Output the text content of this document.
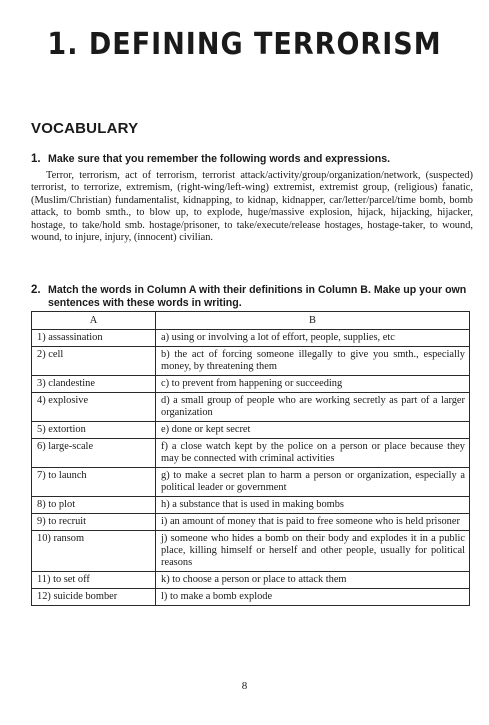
1. DEFINING TERRORISM
VOCABULARY
1. Make sure that you remember the following words and expressions.

Terror, terrorism, act of terrorism, terrorist attack/activity/group/organization/network, (suspected) terrorist, to terrorize, extremism, (right-wing/left-wing) extremist, extremist group, (religious) fanatic, (Muslim/Christian) fundamentalist, kidnapping, to kidnap, kidnapper, car/letter/parcel/time bomb, bomb attack, to bomb smth., to blow up, to explode, huge/massive explosion, hijack, hijacking, hijacker, hostage, to take/hold smb. hostage/prisoner, to take/execute/release hostages, hostage-taker, to wound, wound, to injure, injury, (innocent) civilian.

2. Match the words in Column A with their definitions in Column B. Make up your own sentences with these words in writing.
A	B
1) assassination	a) using or involving a lot of effort, people, supplies, etc
2) cell	b) the act of forcing someone illegally to give you smth., especially money, by threatening them
3) clandestine	c) to prevent from happening or succeeding
4) explosive	d) a small group of people who are working secretly as part of a larger organization
5) extortion	e) done or kept secret
6) large-scale	f) a close watch kept by the police on a person or place because they may be connected with criminal activities
7) to launch	g) to make a secret plan to harm a person or organization, especially a political leader or government
8) to plot	h) a substance that is used in making bombs
9) to recruit	i) an amount of money that is paid to free someone who is held prisoner
10) ransom	j) someone who hides a bomb on their body and explodes it in a public place, killing himself or herself and other people, usually for political reasons
11) to set off	k) to choose a person or place to attack them
12) suicide bomber	l) to make a bomb explode
8
